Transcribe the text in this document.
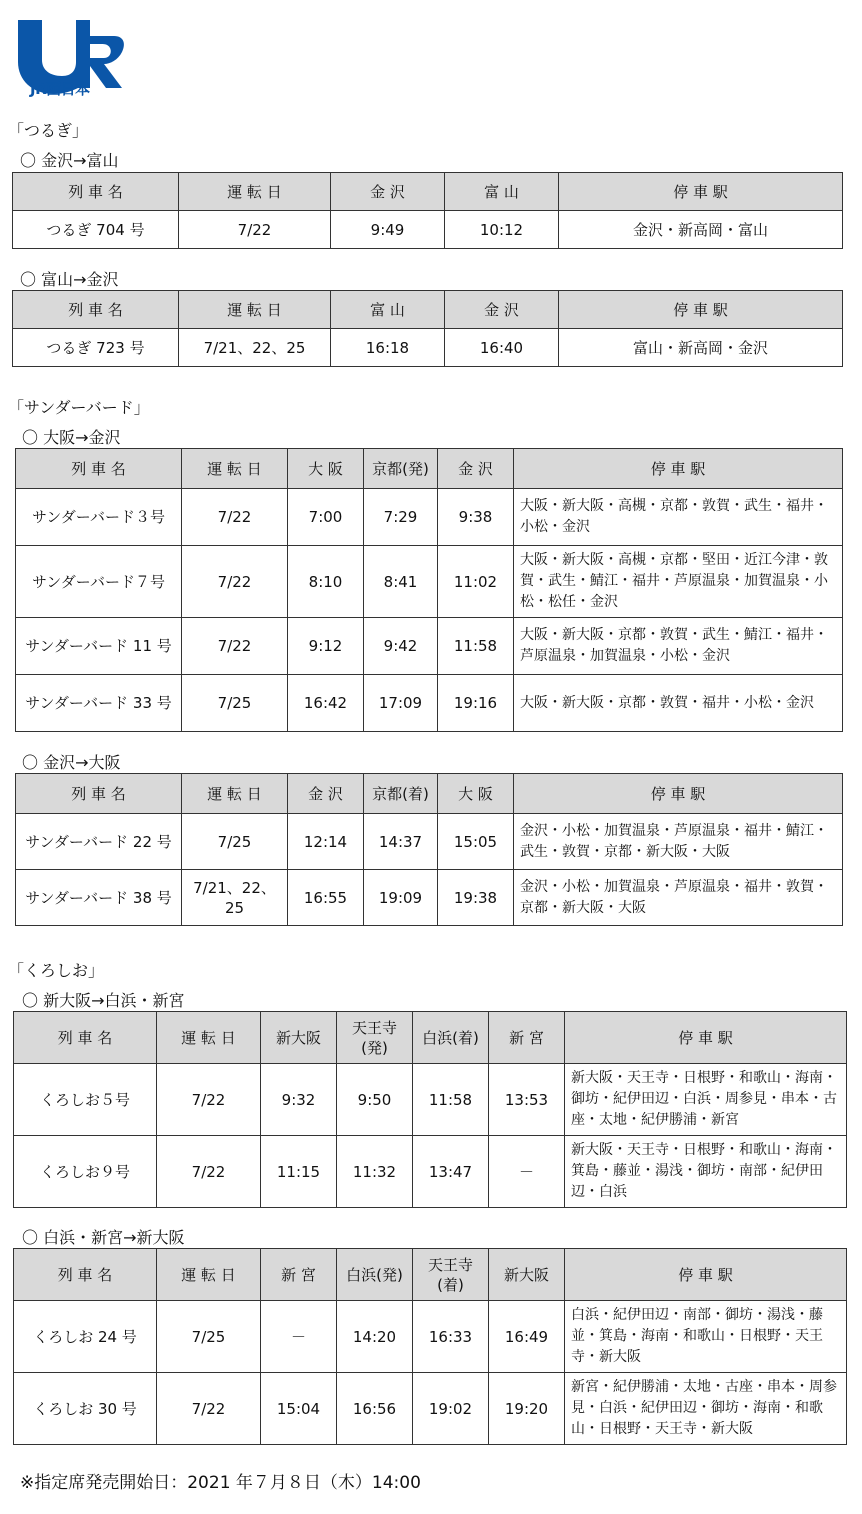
JR西日本
「つるぎ」
〇 金沢→富山
列 車 名	運 転 日	金 沢	富 山	停 車 駅
つるぎ 704 号	7/22	9:49	10:12	金沢・新高岡・富山
〇 富山→金沢
列 車 名	運 転 日	富 山	金 沢	停 車 駅
つるぎ 723 号	7/21、22、25	16:18	16:40	富山・新高岡・金沢
「サンダーバード」
〇 大阪→金沢
列 車 名	運 転 日	大 阪	京都(発)	金 沢	停 車 駅
サンダーバード３号	7/22	7:00	7:29	9:38	大阪・新大阪・高槻・京都・敦賀・武生・福井・小松・金沢
サンダーバード７号	7/22	8:10	8:41	11:02	大阪・新大阪・高槻・京都・堅田・近江今津・敦賀・武生・鯖江・福井・芦原温泉・加賀温泉・小松・松任・金沢
サンダーバード 11 号	7/22	9:12	9:42	11:58	大阪・新大阪・京都・敦賀・武生・鯖江・福井・芦原温泉・加賀温泉・小松・金沢
サンダーバード 33 号	7/25	16:42	17:09	19:16	大阪・新大阪・京都・敦賀・福井・小松・金沢
〇 金沢→大阪
列 車 名	運 転 日	金 沢	京都(着)	大 阪	停 車 駅
サンダーバード 22 号	7/25	12:14	14:37	15:05	金沢・小松・加賀温泉・芦原温泉・福井・鯖江・武生・敦賀・京都・新大阪・大阪
サンダーバード 38 号	7/21、22、25	16:55	19:09	19:38	金沢・小松・加賀温泉・芦原温泉・福井・敦賀・京都・新大阪・大阪
「くろしお」
〇 新大阪→白浜・新宮
列 車 名	運 転 日	新大阪	天王寺(発)	白浜(着)	新 宮	停 車 駅
くろしお５号	7/22	9:32	9:50	11:58	13:53	新大阪・天王寺・日根野・和歌山・海南・御坊・紀伊田辺・白浜・周参見・串本・古座・太地・紀伊勝浦・新宮
くろしお９号	7/22	11:15	11:32	13:47	－	新大阪・天王寺・日根野・和歌山・海南・箕島・藤並・湯浅・御坊・南部・紀伊田辺・白浜
〇 白浜・新宮→新大阪
列 車 名	運 転 日	新 宮	白浜(発)	天王寺(着)	新大阪	停 車 駅
くろしお 24 号	7/25	－	14:20	16:33	16:49	白浜・紀伊田辺・南部・御坊・湯浅・藤並・箕島・海南・和歌山・日根野・天王寺・新大阪
くろしお 30 号	7/22	15:04	16:56	19:02	19:20	新宮・紀伊勝浦・太地・古座・串本・周参見・白浜・紀伊田辺・御坊・海南・和歌山・日根野・天王寺・新大阪
※指定席発売開始日：2021 年７月８日（木）14:00
